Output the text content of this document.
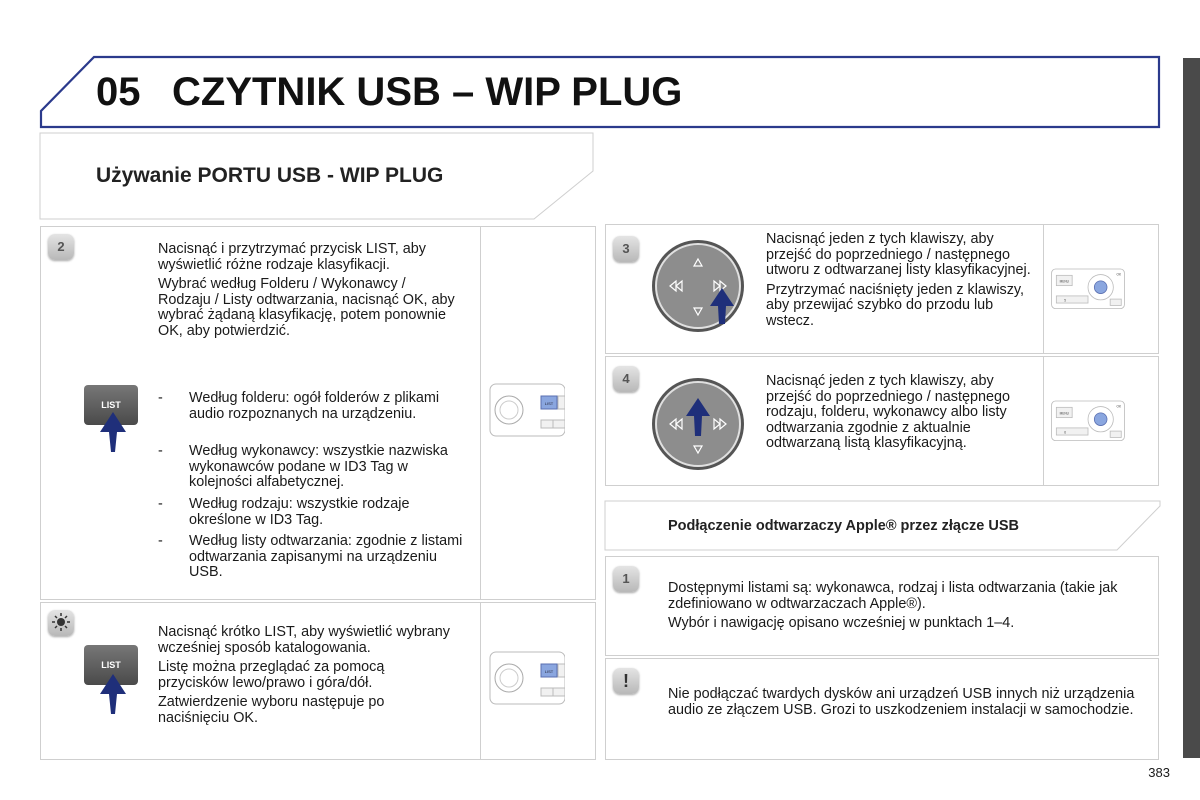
05 CZYTNIK USB – WIP PLUG
Używanie PORTU USB - WIP PLUG
2	Nacisnąć i przytrzymać przycisk LIST, aby wyświetlić różne rodzaje klasyfikacji.

Wybrać według Folderu / Wykonawcy / Rodzaju / Listy odtwarzania, nacisnąć OK, aby wybrać żądaną klasyfikację, potem ponownie OK, aby potwierdzić.

LIST	- Według folderu: ogół folderów z plikami audio rozpoznanych na urządzeniu.
- Według wykonawcy: wszystkie nazwiska wykonawców podane w ID3 Tag w kolejności alfabetycznej.
- Według rodzaju: wszystkie rodzaje określone w ID3 Tag.
- Według listy odtwarzania: zgodnie z listami odtwarzania zapisanymi na urządzeniu USB.
LIST
LIST

Nacisnąć krótko LIST, aby wyświetlić wybrany wcześniej sposób katalogowania.

Listę można przeglądać za pomocą przycisków lewo/prawo i góra/dół.

Zatwierdzenie wyboru następuje po naciśnięciu OK.

LIST
3

Nacisnąć jeden z tych klawiszy, aby przejść do poprzedniego / następnego utworu z odtwarzanej listy klasyfikacyjnej.

Przytrzymać naciśnięty jeden z klawiszy, aby przewijać szybko do przodu lub wstecz.

MENU
OK
5
4	Nacisnąć jeden z tych klawiszy, aby przejść do poprzedniego / następnego rodzaju, folderu, wykonawcy albo listy odtwarzania zgodnie z aktualnie odtwarzaną listą klasyfikacyjną.

MENU
OK
6
Podłączenie odtwarzaczy Apple® przez złącze USB
1

Dostępnymi listami są: wykonawca, rodzaj i lista odtwarzania (takie jak zdefiniowano w odtwarzaczach Apple®).

Wybór i nawigację opisano wcześniej w punktach 1–4.

!

Nie podłączać twardych dysków ani urządzeń USB innych niż urządzenia audio ze złączem USB. Grozi to uszkodzeniem instalacji w samochodzie.

383
